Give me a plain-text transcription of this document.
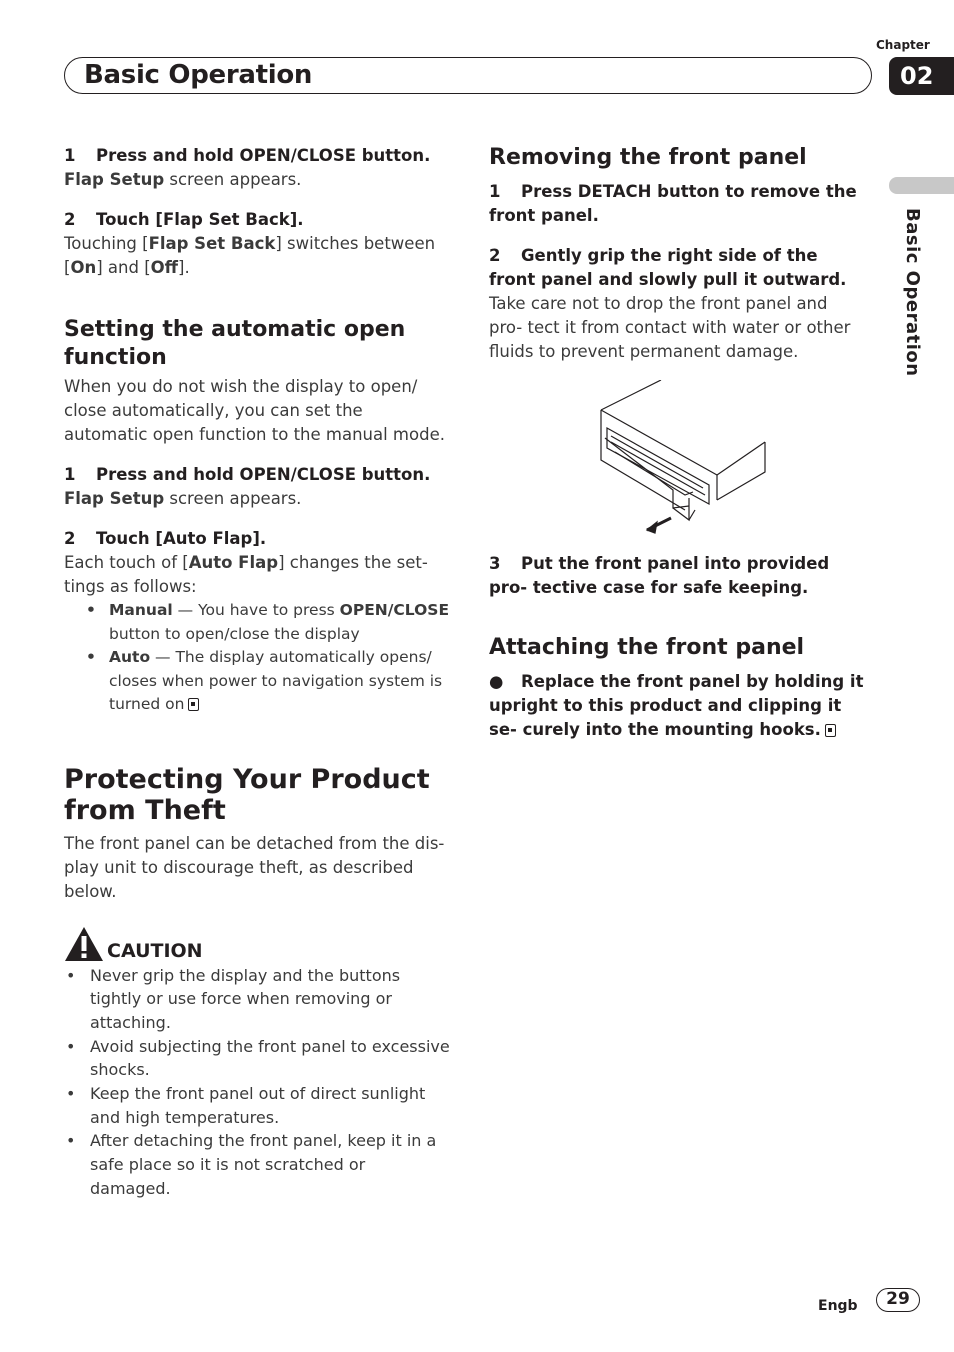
Chapter
Basic Operation	02
Basic Operation

1 Press and hold OPEN/CLOSE button.

Flap Setup screen appears.

2 Touch [Flap Set Back].

Touching [Flap Set Back] switches between [On] and [Off].

Setting the automatic open function

When you do not wish the display to open/ close automatically, you can set the automatic open function to the manual mode.

1 Press and hold OPEN/CLOSE button.

Flap Setup screen appears.

2 Touch [Auto Flap].

Each touch of [Auto Flap] changes the set- tings as follows:

• Manual — You have to press OPEN/CLOSE button to open/close the display
• Auto — The display automatically opens/ closes when power to navigation system is turned on
Protecting Your Product from Theft

The front panel can be detached from the dis- play unit to discourage theft, as described below.

CAUTION
• Never grip the display and the buttons tightly or use force when removing or attaching.
• Avoid subjecting the front panel to excessive shocks.
• Keep the front panel out of direct sunlight and high temperatures.
• After detaching the front panel, keep it in a safe place so it is not scratched or damaged.
Removing the front panel

1 Press DETACH button to remove the front panel.

2 Gently grip the right side of the front panel and slowly pull it outward.

Take care not to drop the front panel and pro- tect it from contact with water or other fluids to prevent permanent damage.

3 Put the front panel into provided pro- tective case for safe keeping.

Attaching the front panel

● Replace the front panel by holding it upright to this product and clipping it se- curely into the mounting hooks.

Engb	29
